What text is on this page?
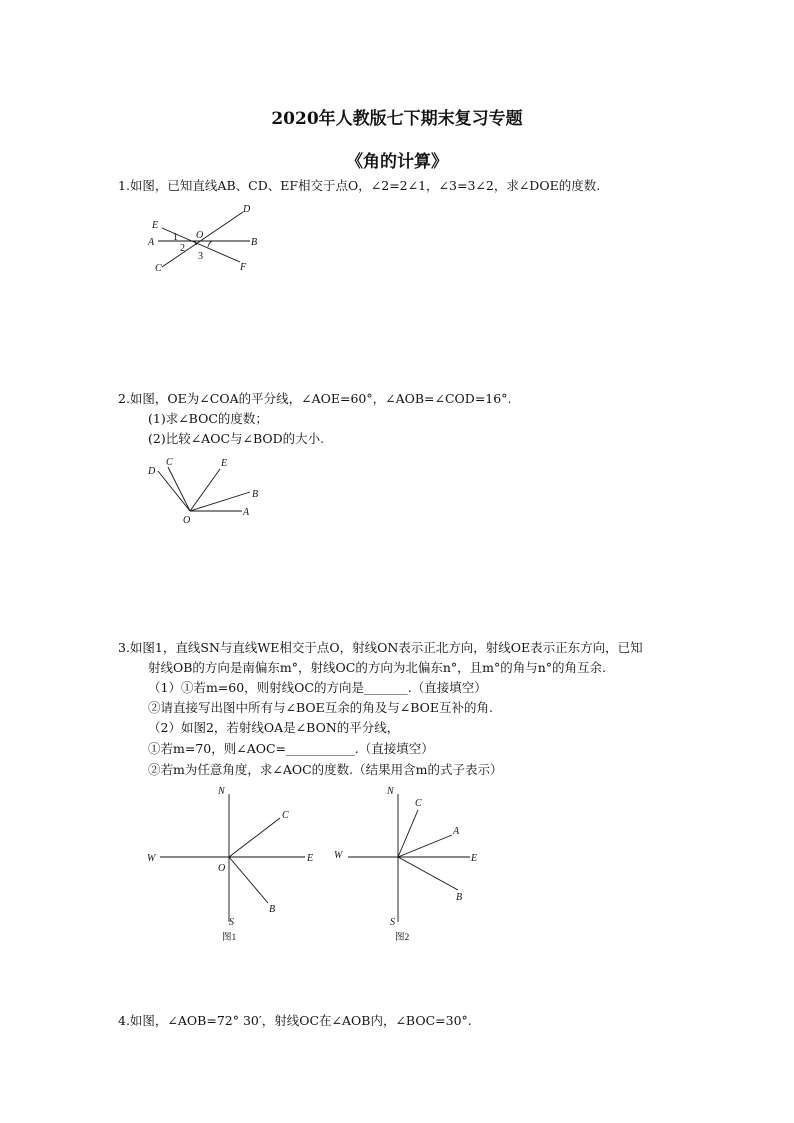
2020年人教版七下期末复习专题
《角的计算》
1.如图，已知直线AB、CD、EF相交于点O，∠2=2∠1，∠3=3∠2，求∠DOE的度数.
D
E
1 O
A
2
B
3
C	F
2.如图，OE为∠COA的平分线，∠AOE=60°，∠AOB=∠COD=16°.
(1)求∠BOC的度数；
(2)比较∠AOC与∠BOD的大小.
D
C	E
B
O
A
3.如图1，直线SN与直线WE相交于点O，射线ON表示正北方向，射线OE表示正东方向，已知
射线OB的方向是南偏东m°，射线OC的方向为北偏东n°，且m°的角与n°的角互余.
（1）①若m=60，则射线OC的方向是_______.（直接填空）
②请直接写出图中所有与∠BOE互余的角及与∠BOE互补的角.
（2）如图2，若射线OA是∠BON的平分线，
①若m=70，则∠AOC=___________.（直接填空）
②若m为任意角度，求∠AOC的度数.（结果用含m的式子表示）
N
C
W	E
O
B
S
图1
N
C
A
W	E
B
S
图2
4.如图，∠AOB=72° 30′，射线OC在∠AOB内，∠BOC=30°.
